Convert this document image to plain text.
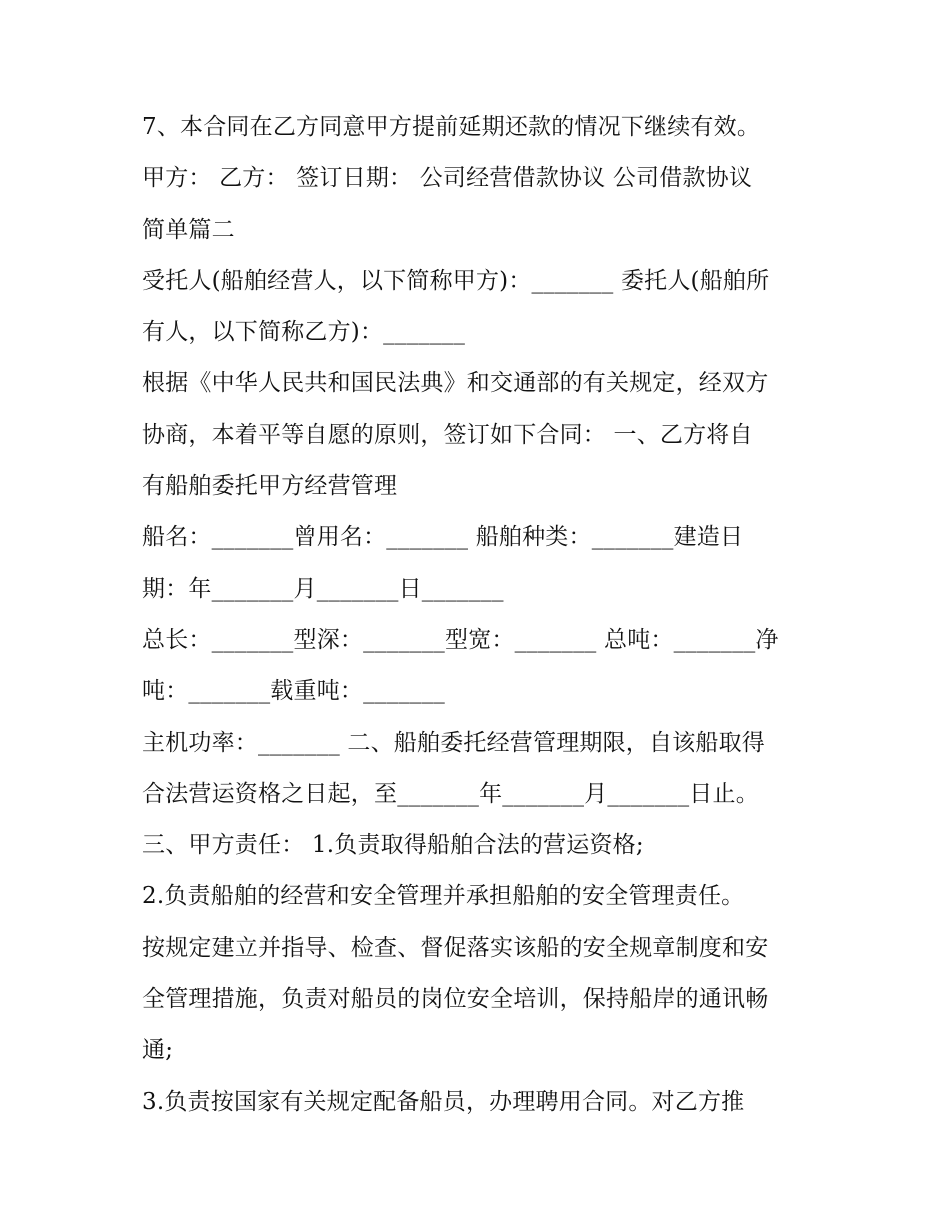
7、本合同在乙方同意甲方提前延期还款的情况下继续有效。
甲方： 乙方： 签订日期： 公司经营借款协议 公司借款协议
简单篇二
受托人(船舶经营人，以下简称甲方)：_______ 委托人(船舶所
有人，以下简称乙方)：_______
根据《中华人民共和国民法典》和交通部的有关规定，经双方
协商，本着平等自愿的原则，签订如下合同： 一、乙方将自
有船舶委托甲方经营管理
船名：_______曾用名：_______ 船舶种类：_______建造日
期：年_______月_______日_______
总长：_______型深：_______型宽：_______ 总吨：_______净
吨：_______载重吨：_______
主机功率：_______ 二、船舶委托经营管理期限，自该船取得
合法营运资格之日起，至_______年_______月_______日止。
三、甲方责任： 1.负责取得船舶合法的营运资格;
2.负责船舶的经营和安全管理并承担船舶的安全管理责任。
按规定建立并指导、检查、督促落实该船的安全规章制度和安
全管理措施，负责对船员的岗位安全培训，保持船岸的通讯畅
通;
3.负责按国家有关规定配备船员，办理聘用合同。对乙方推
